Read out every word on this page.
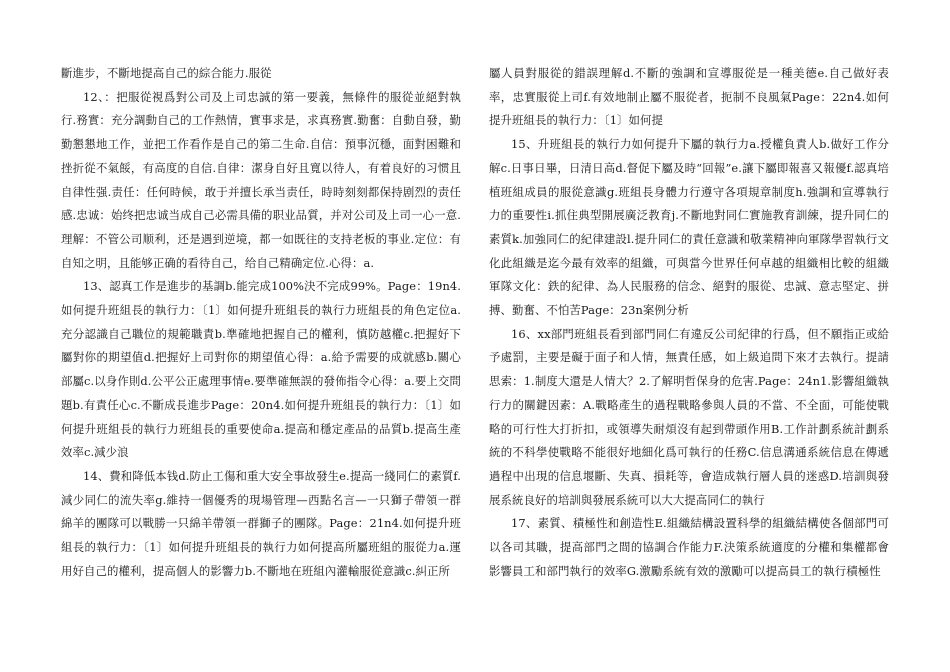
斷進步，不斷地提高自己的綜合能力.服從

12、：把服從視爲對公司及上司忠誠的第一要義，無條件的服從並絕對執行.務實：充分調動自己的工作熱情，實事求是，求真務實.勤奮：自動自發，勤勤懇懇地工作，並把工作看作是自己的第二生命.自信：預事沉穩，面對困難和挫折從不氣餒，有高度的自信.自律：潔身自好且寬以待人，有着良好的习惯且自律性强.责任：任何時候，敢于并擅长承当责任，時時刻刻都保持剧烈的责任感.忠诚：始终把忠诚当成自己必需具備的职业品質，并对公司及上司一心一意.理解：不管公司顺利，还是遇到逆境，都一如既往的支持老板的事业.定位：有自知之明，且能够正确的看待自己，给自己精确定位.心得：a.

13、認真工作是進步的基調b.能完成100%決不完成99%。Page：19n4.如何提升班組長的執行力：〔1〕如何提升班組長的執行力班組長的角色定位a.充分認識自己職位的規範職責b.準確地把握自己的權利，慎防越權c.把握好下屬對你的期望值d.把握好上司對你的期望值心得：a.給予需要的成就感b.關心部屬c.以身作則d.公平公正處理事情e.要準確無誤的發佈指令心得：a.要上交問題b.有責任心c.不斷成長進步Page：20n4.如何提升班組長的執行力：〔1〕如何提升班組長的執行力班組長的重要使命a.提高和穩定產品的品質b.提高生產效率c.減少浪

14、費和降低本钱d.防止工傷和重大安全事故發生e.提高一綫同仁的素質f.減少同仁的流失率g.維持一個優秀的現場管理—西點名言—一只獅子帶領一群綿羊的團隊可以戰勝一只綿羊帶領一群獅子的團隊。Page：21n4.如何提升班組長的執行力：〔1〕如何提升班組長的執行力如何提高所屬班組的服從力a.運用好自己的權利，提高個人的影響力b.不斷地在班組內灌輸服從意識c.糾正所

屬人員對服從的錯誤理解d.不斷的強調和宣導服從是一種美德e.自己做好表率，忠實服從上司f.有效地制止屬不服從者，扼制不良風氣Page：22n4.如何提升班組長的執行力：〔1〕如何提

15、升班組長的執行力如何提升下屬的執行力a.授權負責人b.做好工作分解c.日事日畢，日清日高d.督促下屬及時“回報”e.讓下屬即報喜又報優f.認真培植班組成員的服從意識g.班組長身體力行遵守各項規章制度h.強調和宣導執行力的重要性i.抓住典型開展廣泛教育j.不斷地對同仁實施教育訓練，提升同仁的素質k.加強同仁的紀律建設l.提升同仁的責任意識和敬業精神向軍隊學習執行文化此組織是迄今最有效率的組織，可與當今世界任何卓越的組織相比較的組織軍隊文化：鉄的紀律、為人民服務的信念、絕對的服從、忠誠、意志堅定、拼搏、勤奮、不怕苦Page：23n案例分析

16、xx部門班組長看到部門同仁有違反公司紀律的行爲，但不願指正或給予處罰，主要是礙于面子和人情，無責任感，如上級追問下來才去執行。提請思索：1.制度大還是人情大？2.了解明哲保身的危害.Page：24n1.影響組織執行力的關鍵因素：A.戰略產生的過程戰略參與人員的不當、不全面，可能使戰略的可行性大打折扣，或領導失耐煩沒有起到帶頭作用B.工作計劃系統計劃系統的不科學使戰略不能很好地細化爲可執行的任務C.信息溝通系統信息在傳遞過程中出現的信息堰斷、失真、損耗等，會造成執行層人員的迷惑D.培訓與發展系統良好的培訓與發展系統可以大大提高同仁的執行

17、素質、積極性和創造性E.組織結構設置科學的組織結構使各個部門可以各司其職，提高部門之間的協調合作能力F.決策系統適度的分權和集權都會影響員工和部門執行的效率G.激勵系統有效的激勵可以提高員工的執行積極性
